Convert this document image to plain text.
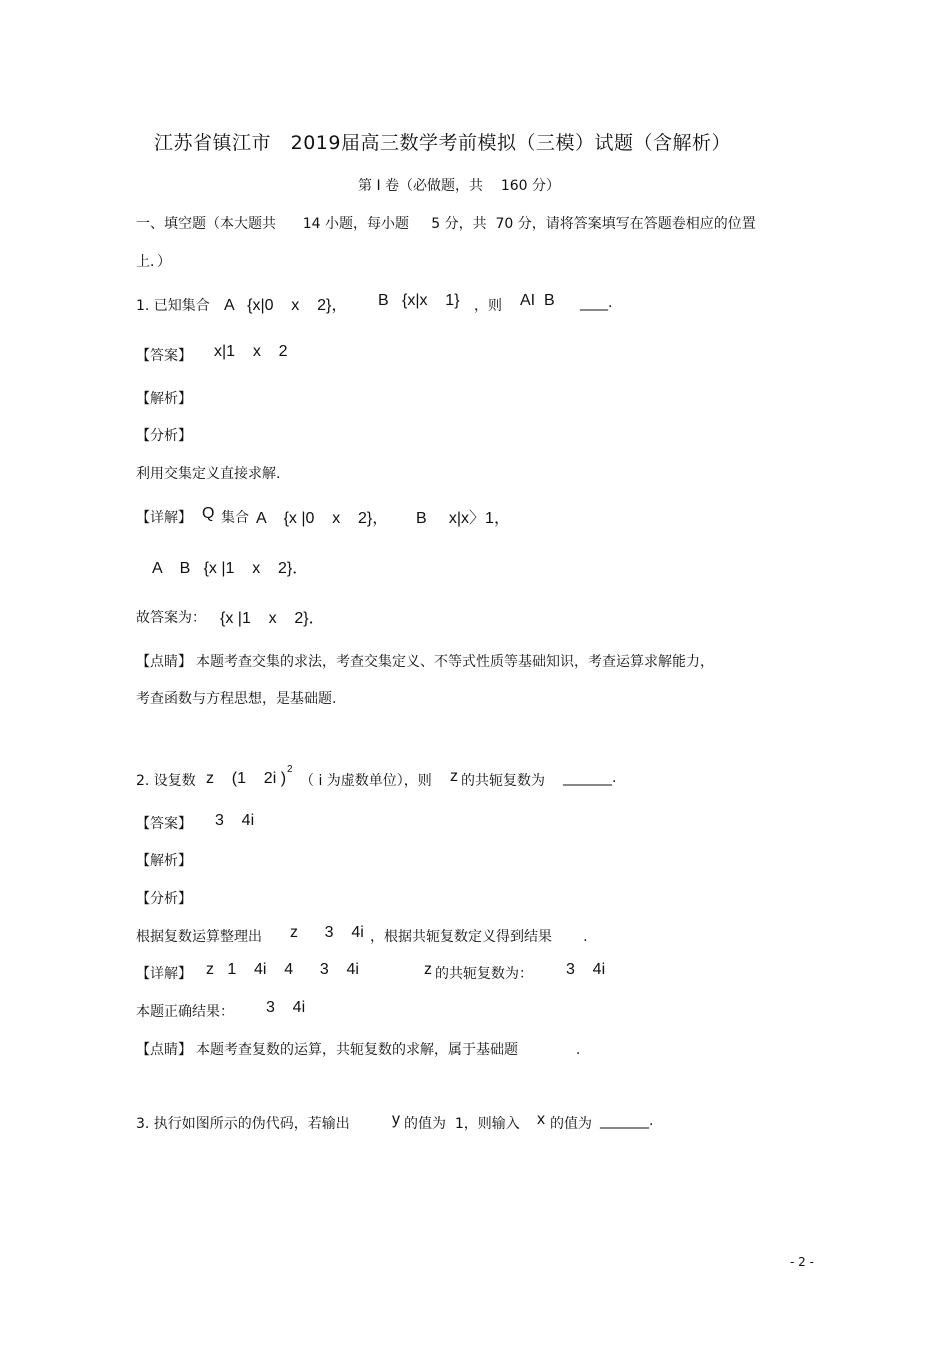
江苏省镇江市   2019届高三数学考前模拟（三模）试题（含解析）
第 I 卷（必做题，共    160 分）
一、填空题（本大题共      14 小题，每小题     5 分，共  70 分，请将答案填写在答题卷相应的位置
上．）
1. 已知集合 A   {x|0    x    2}， B   {x|x    1} ，则 AI  B ____.
【答案】 x|1    x    2
【解析】
【分析】
利用交集定义直接求解.
【详解】 Q 集合 A    {x |0    x    2}， B     x|x〉1，
A    B   {x |1    x    2}．
故答案为： {x |1    x    2}．
【点睛】 本题考查交集的求法，考查交集定义、不等式性质等基础知识，考查运算求解能力，
考查函数与方程思想，是基础题.
2. 设复数 z    (1    2i )
2
（ i 为虚数单位），则 z 的共轭复数为 _______.
【答案】 3    4i
【解析】
【分析】
根据复数运算整理出 z      3    4i ，根据共轭复数定义得到结果       .
【详解】 z   1    4i    4      3    4i	z 的共轭复数为： 3    4i
本题正确结果： 3    4i
【点睛】 本题考查复数的运算，共轭复数的求解，属于基础题             .
3. 执行如图所示的伪代码，若输出	y 的值为  1，则输入 x 的值为 _______.
- 2 -
